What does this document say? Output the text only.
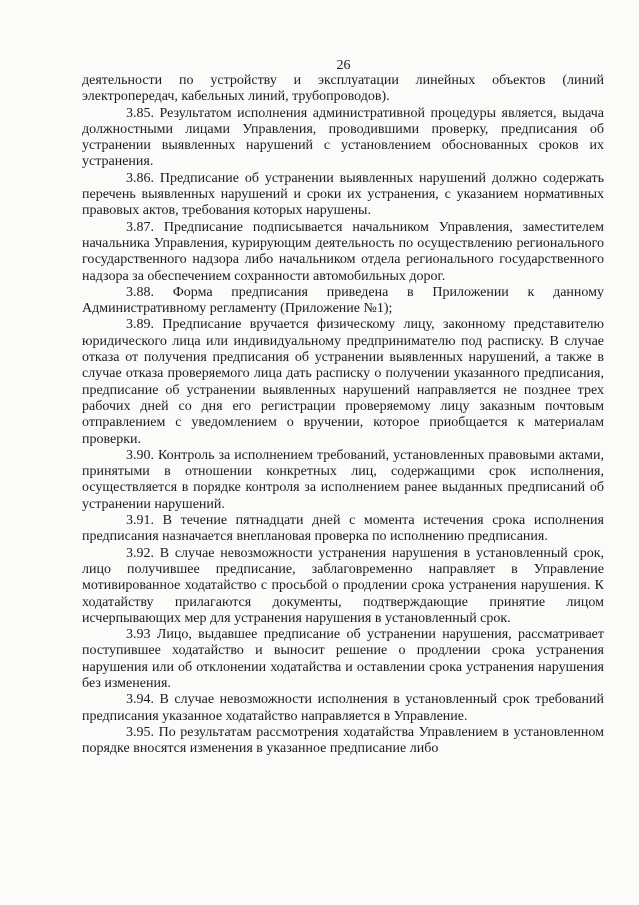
26

деятельности по устройству и эксплуатации линейных объектов (линий электропередач, кабельных линий, трубопроводов).

3.85. Результатом исполнения административной процедуры является, выдача должностными лицами Управления, проводившими проверку, предписания об устранении выявленных нарушений с установлением обоснованных сроков их устранения.

3.86. Предписание об устранении выявленных нарушений должно содержать перечень выявленных нарушений и сроки их устранения, с указанием нормативных правовых актов, требования которых нарушены.

3.87. Предписание подписывается начальником Управления, заместителем начальника Управления, курирующим деятельность по осуществлению регионального государственного надзора либо начальником отдела регионального государственного надзора за обеспечением сохранности автомобильных дорог.

3.88. Форма предписания приведена в Приложении к данному Административному регламенту (Приложение №1);

3.89. Предписание вручается физическому лицу, законному представителю юридического лица или индивидуальному предпринимателю под расписку. В случае отказа от получения предписания об устранении выявленных нарушений, а также в случае отказа проверяемого лица дать расписку о получении указанного предписания, предписание об устранении выявленных нарушений направляется не позднее трех рабочих дней со дня его регистрации проверяемому лицу заказным почтовым отправлением с уведомлением о вручении, которое приобщается к материалам проверки.

3.90. Контроль за исполнением требований, установленных правовыми актами, принятыми в отношении конкретных лиц, содержащими срок исполнения, осуществляется в порядке контроля за исполнением ранее выданных предписаний об устранении нарушений.

3.91. В течение пятнадцати дней с момента истечения срока исполнения предписания назначается внеплановая проверка по исполнению предписания.

3.92. В случае невозможности устранения нарушения в установленный срок, лицо получившее предписание, заблаговременно направляет в Управление мотивированное ходатайство с просьбой о продлении срока устранения нарушения. К ходатайству прилагаются документы, подтверждающие принятие лицом исчерпывающих мер для устранения нарушения в установленный срок.

3.93 Лицо, выдавшее предписание об устранении нарушения, рассматривает поступившее ходатайство и выносит решение о продлении срока устранения нарушения или об отклонении ходатайства и оставлении срока устранения нарушения без изменения.

3.94. В случае невозможности исполнения в установленный срок требований предписания указанное ходатайство направляется в Управление.

3.95. По результатам рассмотрения ходатайства Управлением в установленном порядке вносятся изменения в указанное предписание либо
